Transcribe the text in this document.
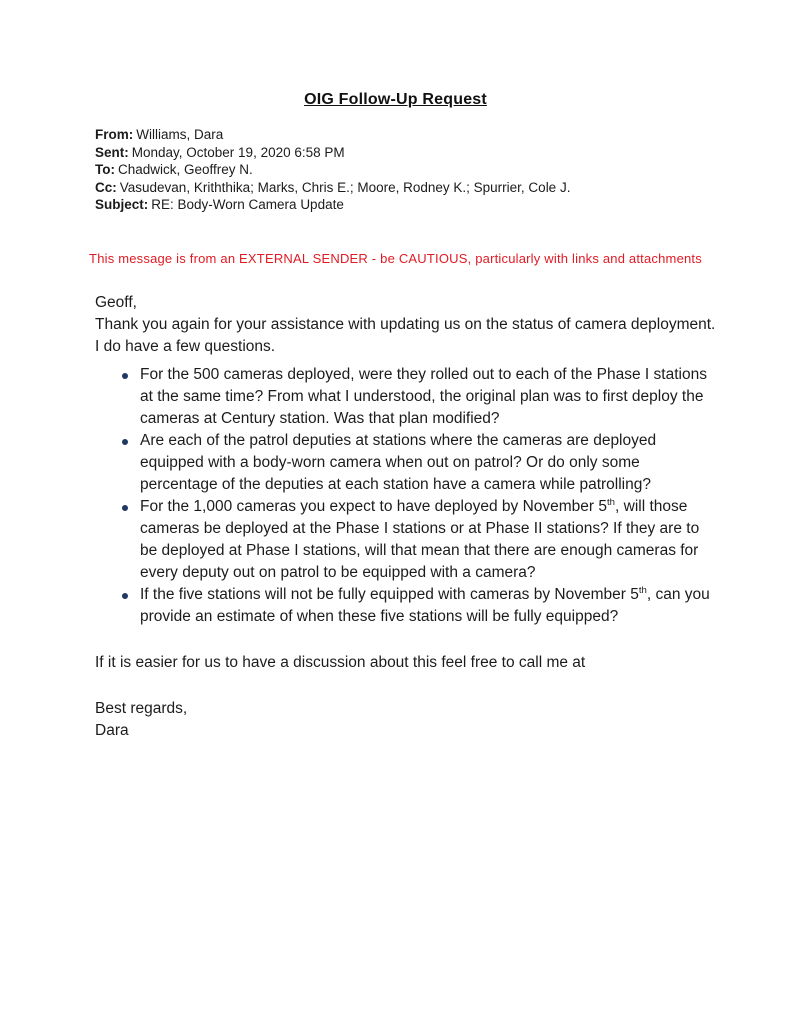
OIG Follow-Up Request
From: Williams, Dara
Sent: Monday, October 19, 2020 6:58 PM
To: Chadwick, Geoffrey N.
Cc: Vasudevan, Kriththika; Marks, Chris E.; Moore, Rodney K.; Spurrier, Cole J.
Subject: RE: Body-Worn Camera Update
This message is from an EXTERNAL SENDER - be CAUTIOUS, particularly with links and attachments

Geoff,

Thank you again for your assistance with updating us on the status of camera deployment. I do have a few questions.

For the 500 cameras deployed, were they rolled out to each of the Phase I stations at the same time? From what I understood, the original plan was to first deploy the cameras at Century station. Was that plan modified?
Are each of the patrol deputies at stations where the cameras are deployed equipped with a body-worn camera when out on patrol? Or do only some percentage of the deputies at each station have a camera while patrolling?
For the 1,000 cameras you expect to have deployed by November 5th, will those cameras be deployed at the Phase I stations or at Phase II stations? If they are to be deployed at Phase I stations, will that mean that there are enough cameras for every deputy out on patrol to be equipped with a camera?
If the five stations will not be fully equipped with cameras by November 5th, can you provide an estimate of when these five stations will be fully equipped?

If it is easier for us to have a discussion about this feel free to call me at

Best regards,

Dara
